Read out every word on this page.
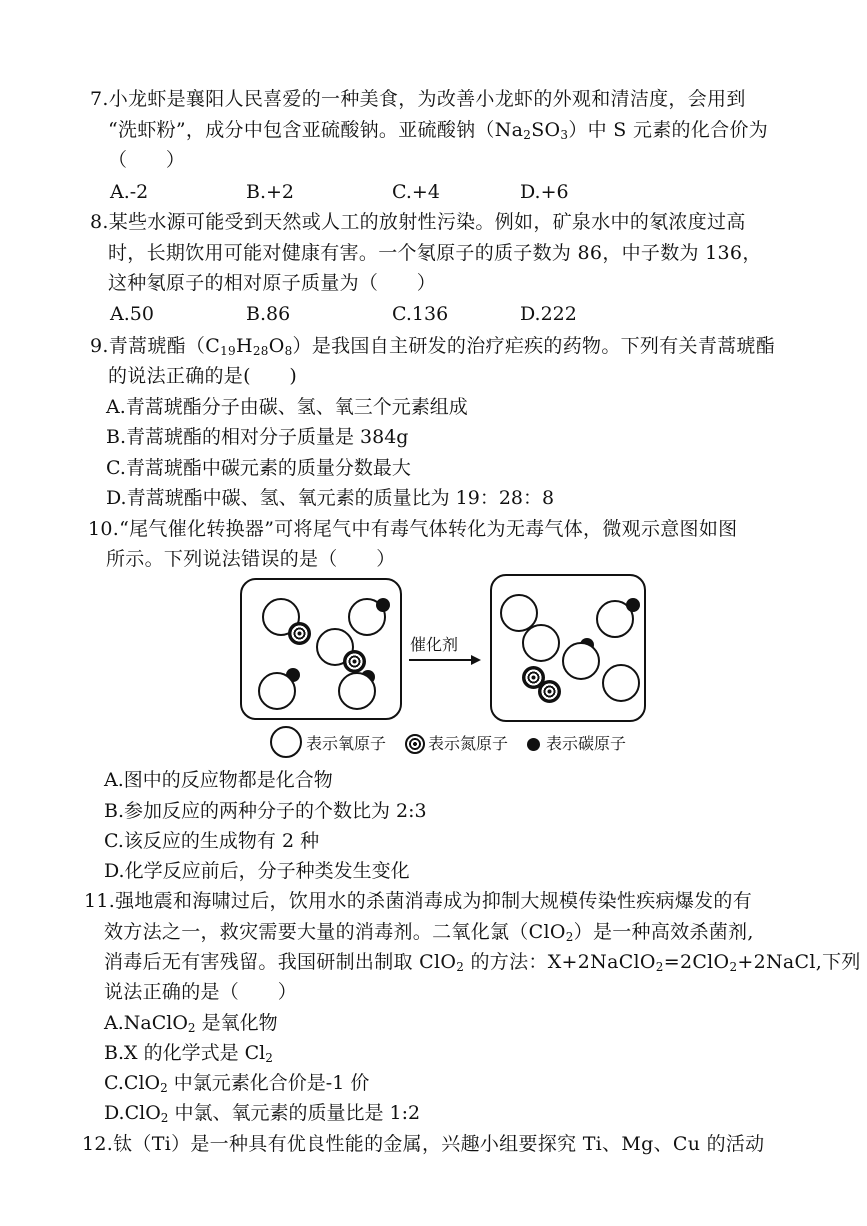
7.小龙虾是襄阳人民喜爱的一种美食，为改善小龙虾的外观和清洁度，会用到
“洗虾粉”，成分中包含亚硫酸钠。亚硫酸钠$(Na_2SO_3)$中 S 元素的化合价为
（　　）
A.-2	B.+2	C.+4	D.+6
8.某些水源可能受到天然或人工的放射性污染。例如，矿泉水中的氡浓度过高
时，长期饮用可能对健康有害。一个氡原子的质子数为 86，中子数为 136，
这种氡原子的相对原子质量为（　　）
A.50	B.86	C.136	D.222
9.青蒿琥酯$(C_{19}H_{28}O_8)$是我国自主研发的治疗疟疾的药物。下列有关青蒿琥酯
的说法正确的是(　　)
A.青蒿琥酯分子由碳、氢、氧三个元素组成
B.青蒿琥酯的相对分子质量是 384g
C.青蒿琥酯中碳元素的质量分数最大
D.青蒿琥酯中碳、氢、氧元素的质量比为 19：28：8
10.“尾气催化转换器”可将尾气中有毒气体转化为无毒气体，微观示意图如图
所示。下列说法错误的是（　　）
催化剂
表示氧原子	表示氮原子 表示碳原子
A.图中的反应物都是化合物
B.参加反应的两种分子的个数比为 2:3
C.该反应的生成物有 2 种
D.化学反应前后，分子种类发生变化
11.强地震和海啸过后，饮用水的杀菌消毒成为抑制大规模传染性疾病爆发的有
效方法之一，救灾需要大量的消毒剂。二氧化氯（ClO$_2$）是一种高效杀菌剂,
消毒后无有害残留。我国研制出制取 ClO$_2$ 的方法：X+2NaClO$_2$=2ClO$_2$+2NaCl,下列
说法正确的是（　　）
A.NaClO$_2$ 是氧化物
B.X 的化学式是 $Cl_2$
C.ClO$_2$ 中氯元素化合价是-1 价
D.ClO$_2$ 中氯、氧元素的质量比是 1:2
12.钛（Ti）是一种具有优良性能的金属，兴趣小组要探究 Ti、Mg、Cu 的活动
